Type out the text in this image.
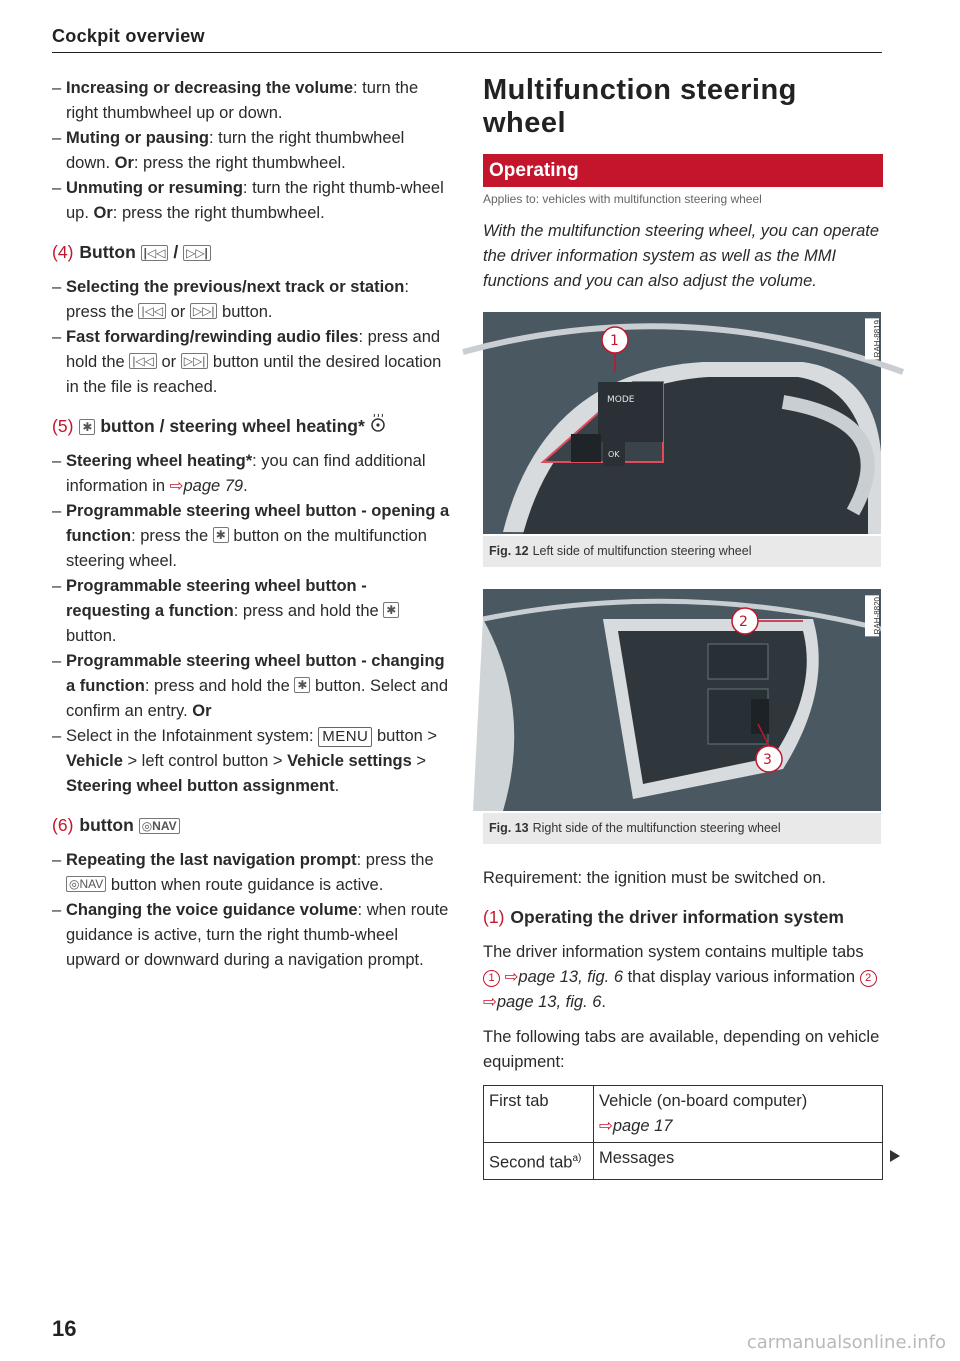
Cockpit overview
– Increasing or decreasing the volume: turn the right thumbwheel up or down.
– Muting or pausing: turn the right thumbwheel down. Or: press the right thumbwheel.
– Unmuting or resuming: turn the right thumb-wheel up. Or: press the right thumbwheel.
(4) Button
|◁◁
/
▷▷|
– Selecting the previous/next track or station: press the |◁◁ or ▷▷| button.
– Fast forwarding/rewinding audio files: press and hold the |◁◁ or ▷▷| button until the desired location in the file is reached.
(5) ✱
button / steering wheel heating*

– Steering wheel heating*: you can find additional information in ⇨page 79.
– Programmable steering wheel button - opening a function: press the ✱ button on the multifunction steering wheel.
– Programmable steering wheel button - requesting a function: press and hold the ✱ button.
– Programmable steering wheel button - changing a function: press and hold the ✱ button. Select and confirm an entry. Or
– Select in the Infotainment system: MENU button > Vehicle > left control button > Vehicle settings > Steering wheel button assignment.
(6) button
◎NAV
– Repeating the last navigation prompt: press the ◎NAV button when route guidance is active.
– Changing the voice guidance volume: when route guidance is active, turn the right thumb-wheel upward or downward during a navigation prompt.
Multifunction steering wheel
Operating
Applies to: vehicles with multifunction steering wheel
With the multifunction steering wheel, you can operate the driver information system as well as the MMI functions and you can also adjust the volume.
MODE
OK
1	RAH-8819
Fig. 12 Left side of multifunction steering wheel
2
3
RAH-8820
Fig. 13 Right side of the multifunction steering wheel
Requirement: the ignition must be switched on.
(1) Operating the driver information system
The driver information system contains multiple tabs 1 ⇨page 13, fig. 6 that display various information 2 ⇨page 13, fig. 6.
The following tabs are available, depending on vehicle equipment:
First tab	Vehicle (on-board computer)
⇨page 17
Second tab$^{a)}$	Messages
16
carmanualsonline.info
